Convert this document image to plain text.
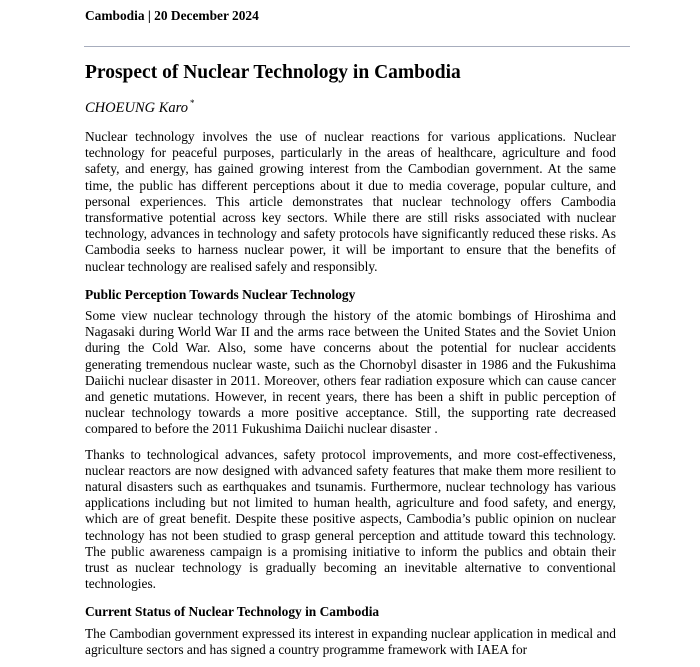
Cambodia | 20 December 2024
Prospect of Nuclear Technology in Cambodia
CHOEUNG Karo *

Nuclear technology involves the use of nuclear reactions for various applications. Nuclear technology for peaceful purposes, particularly in the areas of healthcare, agriculture and food safety, and energy, has gained growing interest from the Cambodian government. At the same time, the public has different perceptions about it due to media coverage, popular culture, and personal experiences. This article demonstrates that nuclear technology offers Cambodia transformative potential across key sectors. While there are still risks associated with nuclear technology, advances in technology and safety protocols have significantly reduced these risks. As Cambodia seeks to harness nuclear power, it will be important to ensure that the benefits of nuclear technology are realised safely and responsibly.

Public Perception Towards Nuclear Technology

Some view nuclear technology through the history of the atomic bombings of Hiroshima and Nagasaki during World War II and the arms race between the United States and the Soviet Union during the Cold War. Also, some have concerns about the potential for nuclear accidents generating tremendous nuclear waste, such as the Chornobyl disaster in 1986 and the Fukushima Daiichi nuclear disaster in 2011. Moreover, others fear radiation exposure which can cause cancer and genetic mutations. However, in recent years, there has been a shift in public perception of nuclear technology towards a more positive acceptance. Still, the supporting rate decreased compared to before the 2011 Fukushima Daiichi nuclear disaster .

Thanks to technological advances, safety protocol improvements, and more cost-effectiveness, nuclear reactors are now designed with advanced safety features that make them more resilient to natural disasters such as earthquakes and tsunamis. Furthermore, nuclear technology has various applications including but not limited to human health, agriculture and food safety, and energy, which are of great benefit. Despite these positive aspects, Cambodia’s public opinion on nuclear technology has not been studied to grasp general perception and attitude toward this technology. The public awareness campaign is a promising initiative to inform the publics and obtain their trust as nuclear technology is gradually becoming an inevitable alternative to conventional technologies.

Current Status of Nuclear Technology in Cambodia

The Cambodian government expressed its interest in expanding nuclear application in medical and agriculture sectors and has signed a country programme framework with IAEA for
